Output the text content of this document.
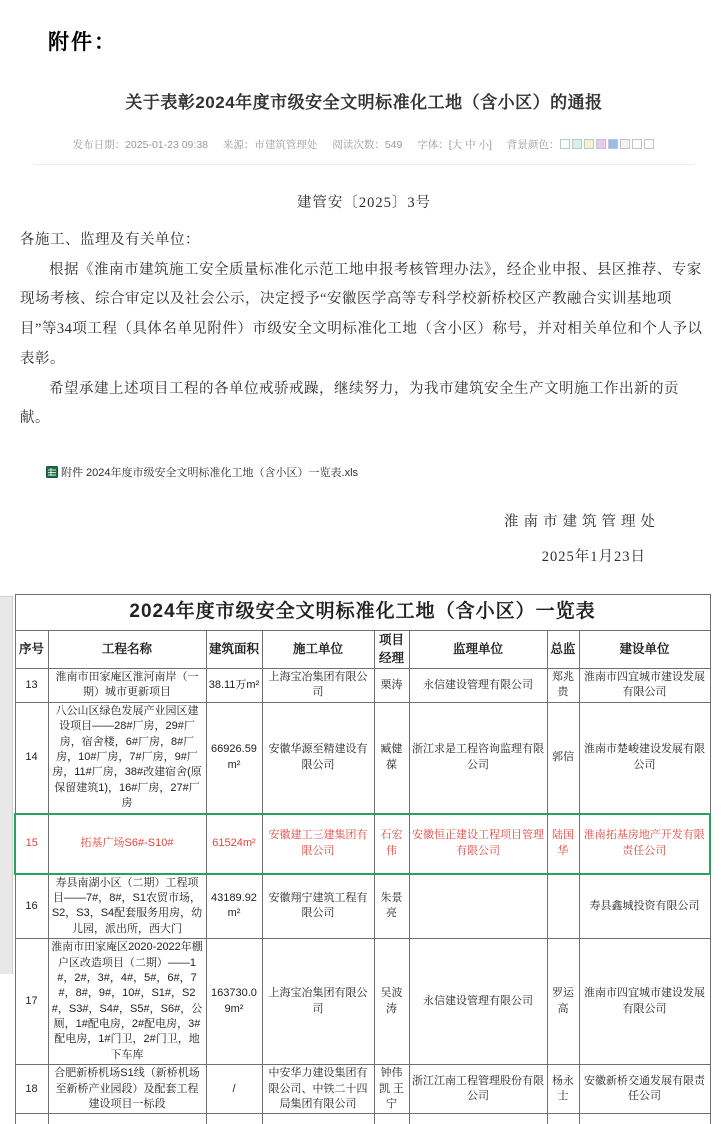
附件：
关于表彰2024年度市级安全文明标准化工地（含小区）的通报
发布日期：2025-01-23 09:38 来源：市建筑管理处 阅读次数：549 字体：[大 中 小] 背景颜色：
建管安〔2025〕3号

各施工、监理及有关单位：

根据《淮南市建筑施工安全质量标准化示范工地申报考核管理办法》，经企业申报、县区推荐、专家现场考核、综合审定以及社会公示，决定授予“安徽医学高等专科学校新桥校区产教融合实训基地项目”等34项工程（具体名单见附件）市级安全文明标准化工地（含小区）称号，并对相关单位和个人予以表彰。

希望承建上述项目工程的各单位戒骄戒躁，继续努力，为我市建筑安全生产文明施工作出新的贡献。

附件 2024年度市级安全文明标准化工地（含小区）一览表.xls
淮南市建筑管理处
2025年1月23日
2024年度市级安全文明标准化工地（含小区）一览表							
序号	工程名称	建筑面积	施工单位	项目经理	监理单位	总监	建设单位
13	淮南市田家庵区淮河南岸（一期）城市更新项目	38.11万m²	上海宝冶集团有限公司	栗涛	永信建设管理有限公司	郑兆贵	淮南市四宜城市建设发展有限公司
14	八公山区绿色发展产业园区建设项目——28#厂房，29#厂房，宿舍楼，6#厂房，8#厂房，10#厂房，7#厂房，9#厂房，11#厂房，38#改建宿舍(原保留建筑1)，16#厂房，27#厂房	66926.59m²	安徽华源至精建设有限公司	臧健葆	浙江求是工程咨询监理有限公司	郭信	淮南市楚峻建设发展有限公司
15	拓基广场S6#-S10#	61524m²	安徽建工三建集团有限公司	石宏伟	安徽恒正建设工程项目管理有限公司	陆国华	淮南拓基房地产开发有限责任公司
16	寿县南湖小区（二期）工程项目——7#，8#，S1农贸市场，S2，S3，S4配套服务用房，幼儿园，派出所，西大门	43189.92 m²	安徽翔宁建筑工程有限公司	朱景亮			寿县鑫城投资有限公司
17	淮南市田家庵区2020-2022年棚户区改造项目（二期）——1#，2#，3#，4#，5#，6#，7#，8#，9#，10#，S1#，S2#，S3#，S4#，S5#，S6#，公厕，1#配电房，2#配电房，3#配电房，1#门卫，2#门卫，地下车库	163730.09m²	上海宝冶集团有限公司	吴波涛	永信建设管理有限公司	罗运高	淮南市四宜城市建设发展有限公司
18	合肥新桥机场S1线（新桥机场至新桥产业园段）及配套工程建设项目一标段	/	中安华力建设集团有限公司、中铁二十四局集团有限公司	钟伟凯 王宁	浙江江南工程管理股份有限公司	杨永士	安徽新桥交通发展有限责任公司
